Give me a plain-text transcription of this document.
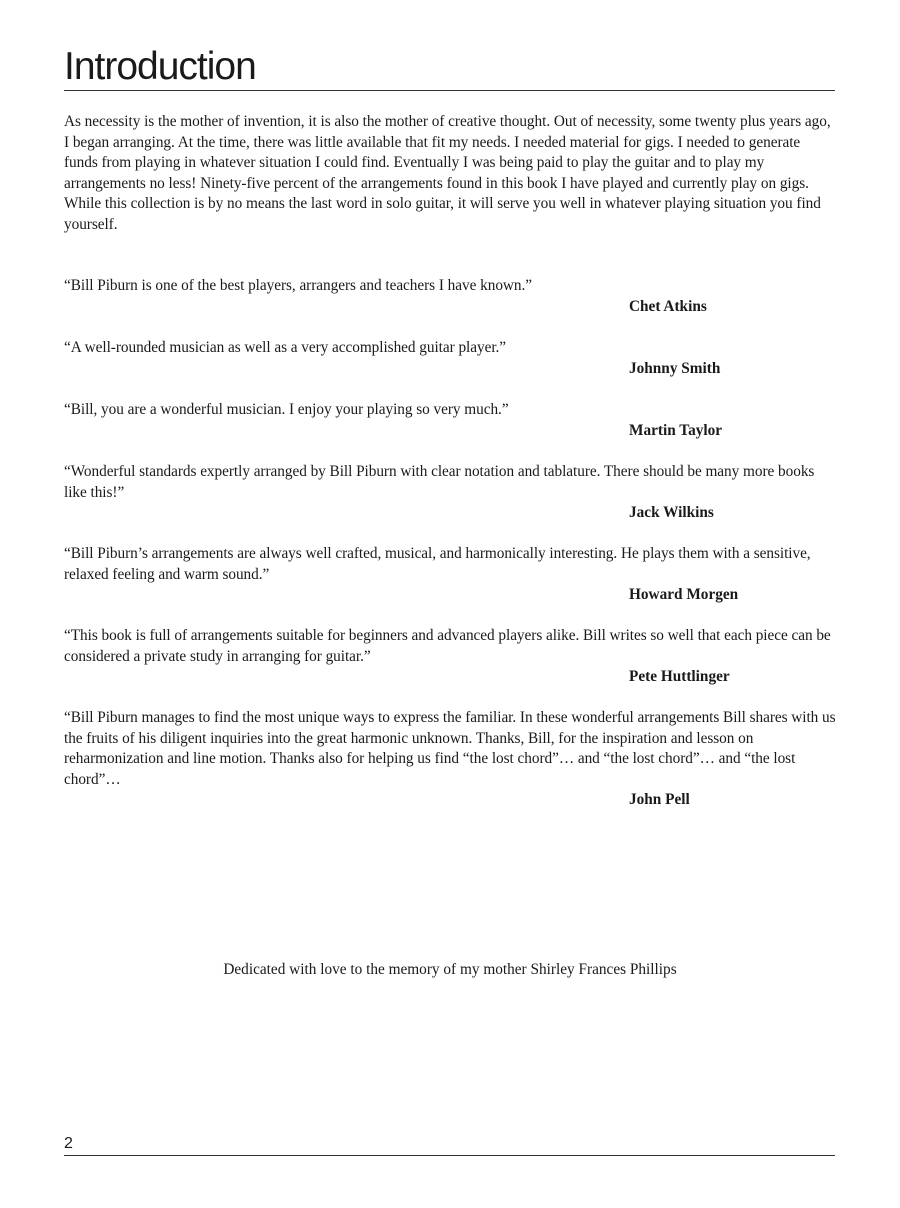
Introduction

As necessity is the mother of invention, it is also the mother of creative thought. Out of necessity, some twenty plus years ago, I began arranging. At the time, there was little available that fit my needs. I needed material for gigs. I needed to generate funds from playing in whatever situation I could find. Eventually I was being paid to play the guitar and to play my arrangements no less! Ninety-five percent of the arrangements found in this book I have played and currently play on gigs. While this collection is by no means the last word in solo guitar, it will serve you well in whatever playing situation you find yourself.

“Bill Piburn is one of the best players, arrangers and teachers I have known.”

Chet Atkins

“A well-rounded musician as well as a very accomplished guitar player.”

Johnny Smith

“Bill, you are a wonderful musician. I enjoy your playing so very much.”

Martin Taylor

“Wonderful standards expertly arranged by Bill Piburn with clear notation and tablature. There should be many more books like this!”

Jack Wilkins

“Bill Piburn’s arrangements are always well crafted, musical, and harmonically interesting. He plays them with a sensitive, relaxed feeling and warm sound.”

Howard Morgen

“This book is full of arrangements suitable for beginners and advanced players alike. Bill writes so well that each piece can be considered a private study in arranging for guitar.”

Pete Huttlinger

“Bill Piburn manages to find the most unique ways to express the familiar. In these wonderful arrangements Bill shares with us the fruits of his diligent inquiries into the great harmonic unknown. Thanks, Bill, for the inspiration and lesson on reharmonization and line motion. Thanks also for helping us find “the lost chord”… and “the lost chord”… and “the lost chord”…

John Pell

Dedicated with love to the memory of my mother Shirley Frances Phillips

2
